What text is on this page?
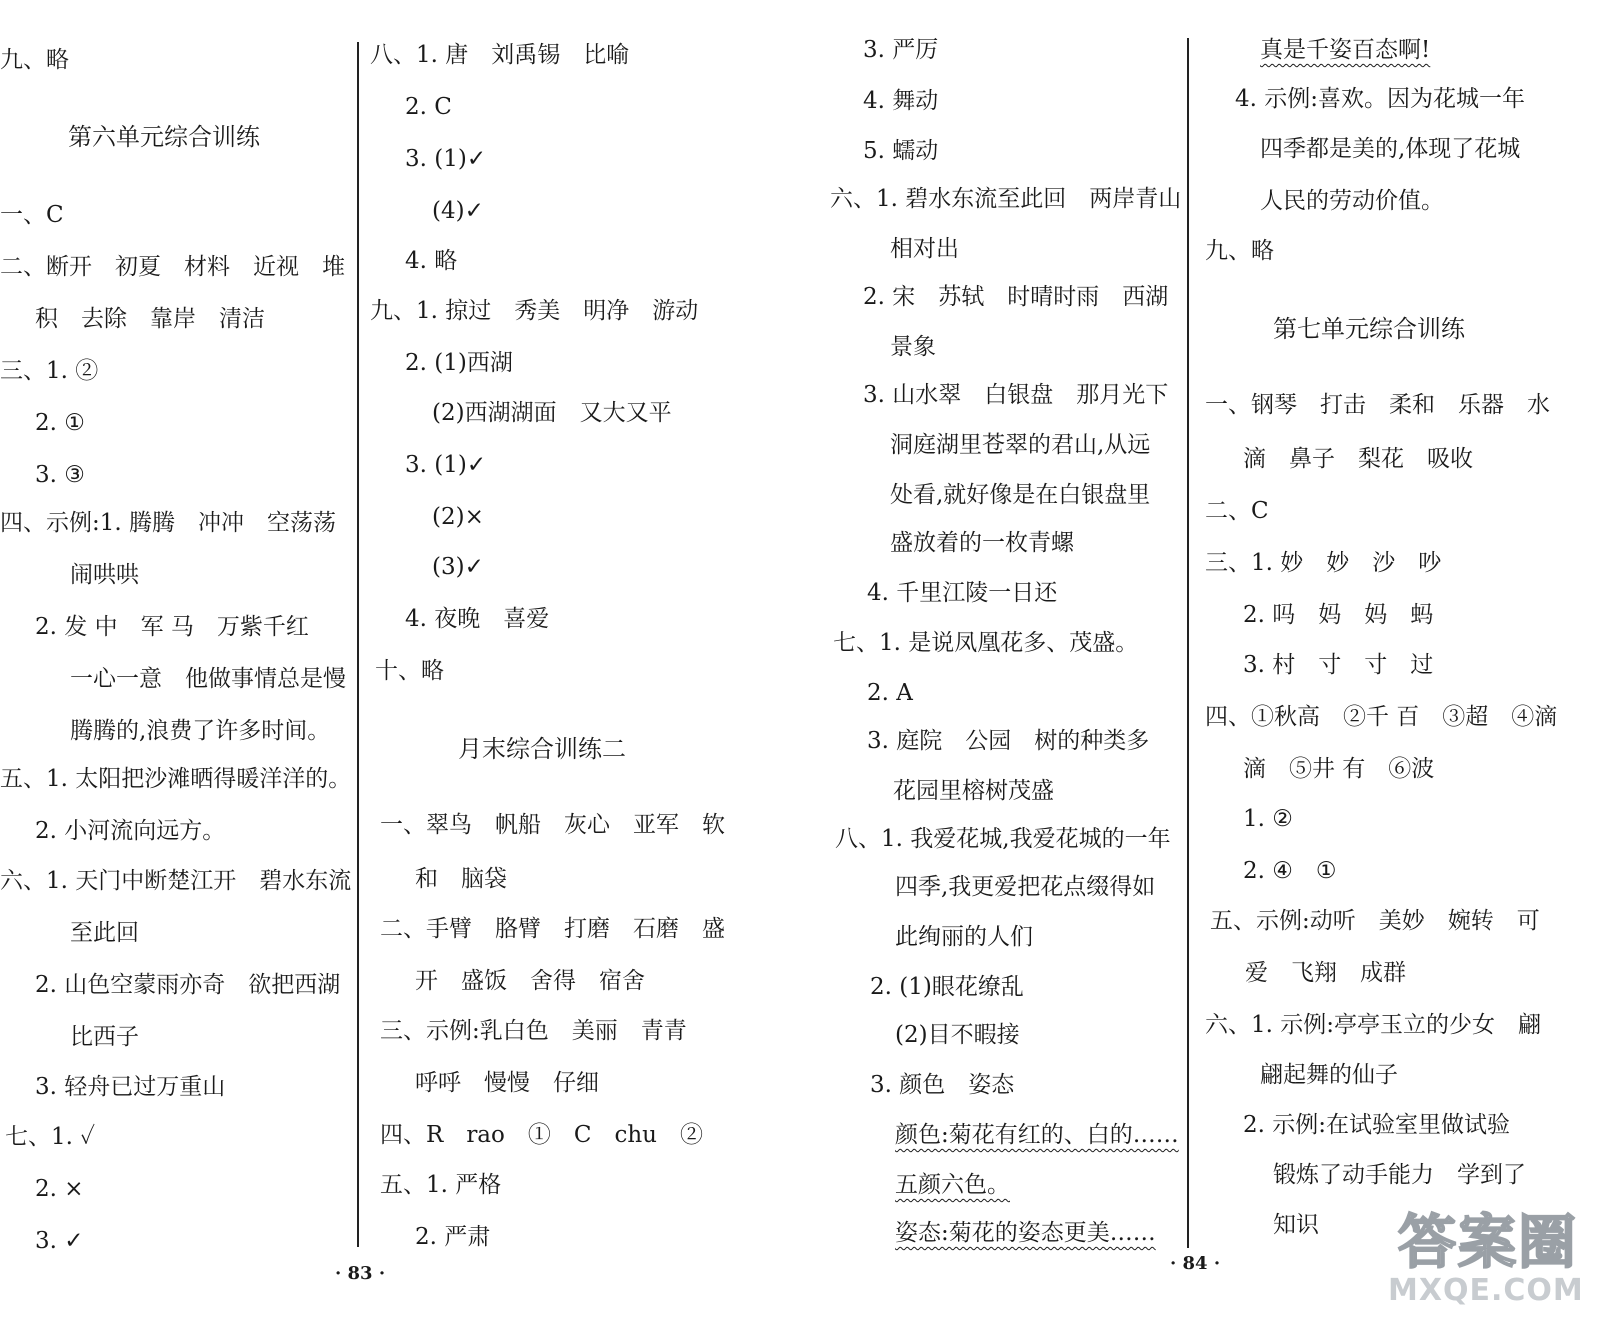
九、略
第六单元综合训练
一、C
二、断开　初夏　材料　近视　堆
积　去除　靠岸　清洁
三、1. ②
2. ①
3. ③
四、示例:1. 腾腾　冲冲　空荡荡
闹哄哄
2. 发 中　军 马　万紫千红
一心一意　他做事情总是慢
腾腾的,浪费了许多时间。
五、1. 太阳把沙滩晒得暖洋洋的。
2. 小河流向远方。
六、1. 天门中断楚江开　碧水东流
至此回
2. 山色空蒙雨亦奇　欲把西湖
比西子
3. 轻舟已过万重山
七、1. ✓
2. ×
3. ✓
八、1. 唐　刘禹锡　比喻
2. C
3. (1)✓
(4)✓
4. 略
九、1. 掠过　秀美　明净　游动
2. (1)西湖
(2)西湖湖面　又大又平
3. (1)✓
(2)×
(3)✓
4. 夜晚　喜爱
十、略
月末综合训练二
一、翠鸟　帆船　灰心　亚军　软
和　脑袋
二、手臂　胳臂　打磨　石磨　盛
开　盛饭　舍得　宿舍
三、示例:乳白色　美丽　青青
呼呼　慢慢　仔细
四、R　rao　①　C　chu　②
五、1. 严格
2. 严肃
3. 严厉
4. 舞动
5. 蠕动
六、1. 碧水东流至此回　两岸青山
相对出
2. 宋　苏轼　时晴时雨　西湖
景象
3. 山水翠　白银盘　那月光下
洞庭湖里苍翠的君山,从远
处看,就好像是在白银盘里
盛放着的一枚青螺
4. 千里江陵一日还
七、1. 是说凤凰花多、茂盛。
2. A
3. 庭院　公园　树的种类多
花园里榕树茂盛
八、1. 我爱花城,我爱花城的一年
四季,我更爱把花点缀得如
此绚丽的人们
2. (1)眼花缭乱
(2)目不暇接
3. 颜色　姿态
颜色:菊花有红的、白的……
五颜六色。
姿态:菊花的姿态更美……
真是千姿百态啊!
4. 示例:喜欢。因为花城一年
四季都是美的,体现了花城
人民的劳动价值。
九、略
第七单元综合训练
一、钢琴　打击　柔和　乐器　水
滴　鼻子　梨花　吸收
二、C
三、1. 妙　妙　沙　吵
2. 吗　妈　妈　蚂
3. 村　寸　寸　过
四、①秋高　②千 百　③超　④滴
滴　⑤井 有　⑥波
1. ②
2. ④　①
五、示例:动听　美妙　婉转　可
爱　飞翔　成群
六、1. 示例:亭亭玉立的少女　翩
翩起舞的仙子
2. 示例:在试验室里做试验
锻炼了动手能力　学到了
知识
· 83 ·	· 84 ·	答案圈
MXQE.COM
